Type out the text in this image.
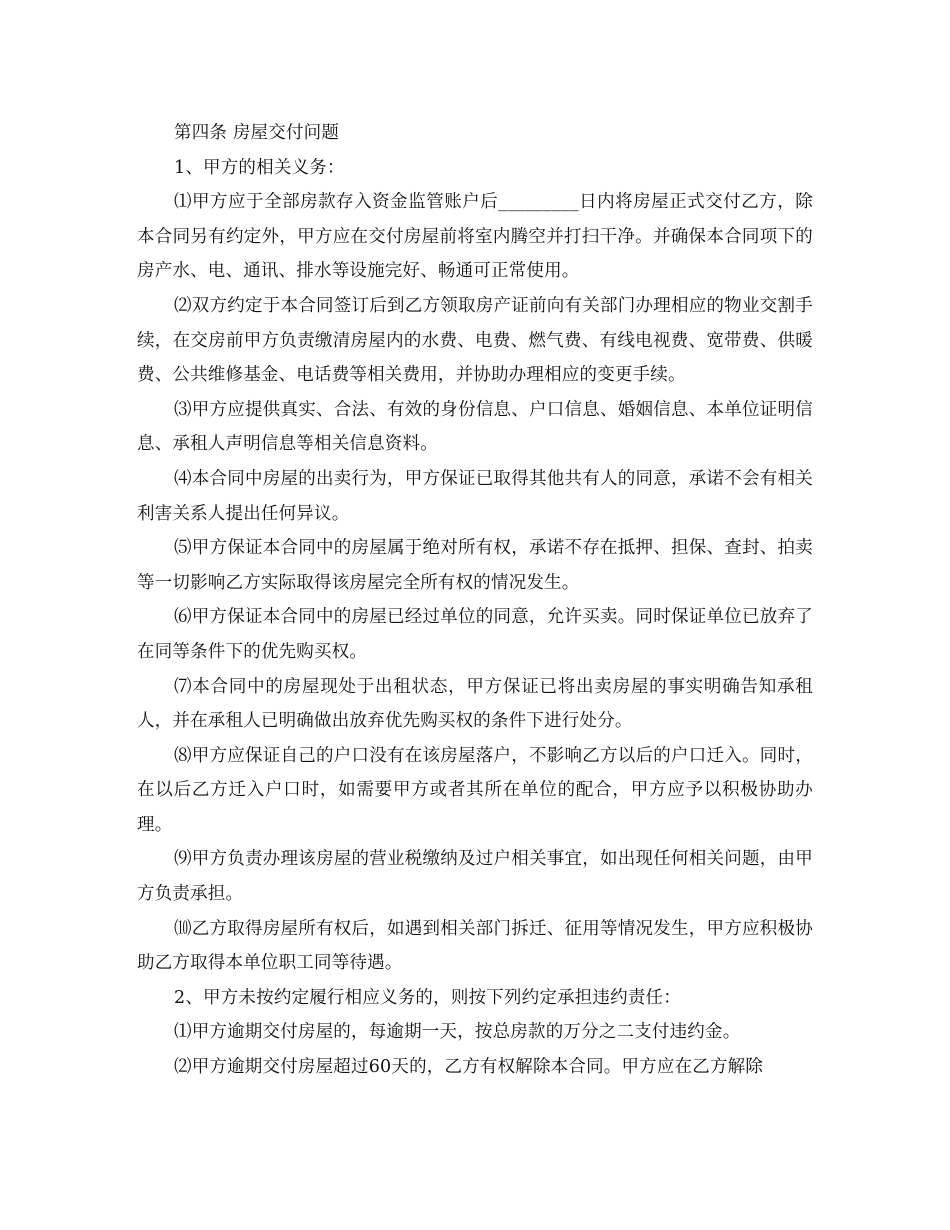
第四条 房屋交付问题

1、甲方的相关义务：

⑴甲方应于全部房款存入资金监管账户后_________日内将房屋正式交付乙方，除本合同另有约定外，甲方应在交付房屋前将室内腾空并打扫干净。并确保本合同项下的房产水、电、通讯、排水等设施完好、畅通可正常使用。

⑵双方约定于本合同签订后到乙方领取房产证前向有关部门办理相应的物业交割手续，在交房前甲方负责缴清房屋内的水费、电费、燃气费、有线电视费、宽带费、供暖费、公共维修基金、电话费等相关费用，并协助办理相应的变更手续。

⑶甲方应提供真实、合法、有效的身份信息、户口信息、婚姻信息、本单位证明信息、承租人声明信息等相关信息资料。

⑷本合同中房屋的出卖行为，甲方保证已取得其他共有人的同意，承诺不会有相关利害关系人提出任何异议。

⑸甲方保证本合同中的房屋属于绝对所有权，承诺不存在抵押、担保、查封、拍卖等一切影响乙方实际取得该房屋完全所有权的情况发生。

⑹甲方保证本合同中的房屋已经过单位的同意，允许买卖。同时保证单位已放弃了在同等条件下的优先购买权。

⑺本合同中的房屋现处于出租状态，甲方保证已将出卖房屋的事实明确告知承租人，并在承租人已明确做出放弃优先购买权的条件下进行处分。

⑻甲方应保证自己的户口没有在该房屋落户，不影响乙方以后的户口迁入。同时，在以后乙方迁入户口时，如需要甲方或者其所在单位的配合，甲方应予以积极协助办理。

⑼甲方负责办理该房屋的营业税缴纳及过户相关事宜，如出现任何相关问题，由甲方负责承担。

⑽乙方取得房屋所有权后，如遇到相关部门拆迁、征用等情况发生，甲方应积极协助乙方取得本单位职工同等待遇。

2、甲方未按约定履行相应义务的，则按下列约定承担违约责任：

⑴甲方逾期交付房屋的，每逾期一天，按总房款的万分之二支付违约金。

⑵甲方逾期交付房屋超过60天的，乙方有权解除本合同。甲方应在乙方解除
